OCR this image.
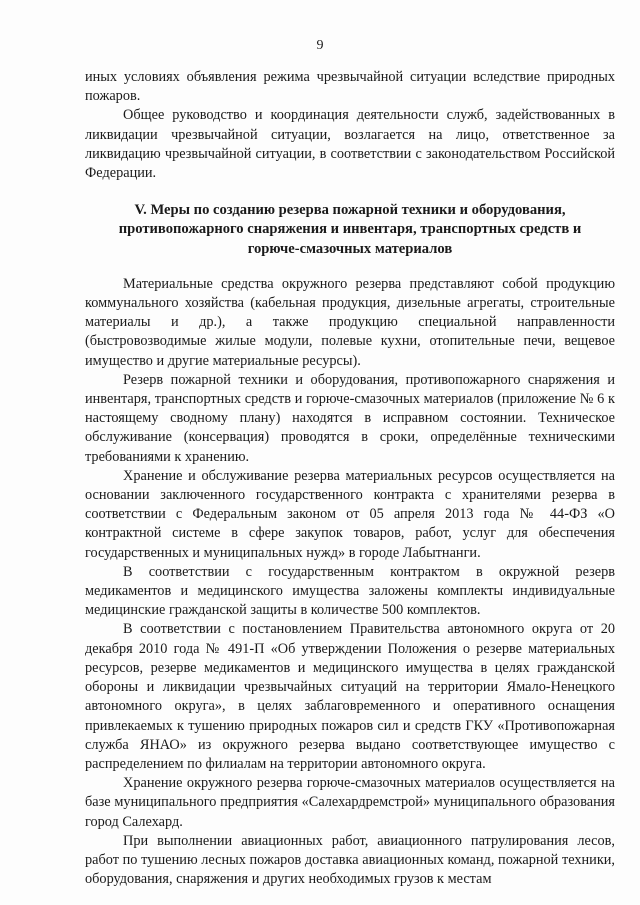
9

иных условиях объявления режима чрезвычайной ситуации вследствие природных пожаров.

Общее руководство и координация деятельности служб, задействованных в ликвидации чрезвычайной ситуации, возлагается на лицо, ответственное за ликвидацию чрезвычайной ситуации, в соответствии с законодательством Российской Федерации.

V. Меры по созданию резерва пожарной техники и оборудования, противопожарного снаряжения и инвентаря, транспортных средств и горюче-смазочных материалов

Материальные средства окружного резерва представляют собой продукцию коммунального хозяйства (кабельная продукция, дизельные агрегаты, строительные материалы и др.), а также продукцию специальной направленности (быстровозводимые жилые модули, полевые кухни, отопительные печи, вещевое имущество и другие материальные ресурсы).

Резерв пожарной техники и оборудования, противопожарного снаряжения и инвентаря, транспортных средств и горюче-смазочных материалов (приложение № 6 к настоящему сводному плану) находятся в исправном состоянии. Техническое обслуживание (консервация) проводятся в сроки, определённые техническими требованиями к хранению.

Хранение и обслуживание резерва материальных ресурсов осуществляется на основании заключенного государственного контракта с хранителями резерва в соответствии с Федеральным законом от 05 апреля 2013 года № 44-ФЗ «О контрактной системе в сфере закупок товаров, работ, услуг для обеспечения государственных и муниципальных нужд» в городе Лабытнанги.

В соответствии с государственным контрактом в окружной резерв медикаментов и медицинского имущества заложены комплекты индивидуальные медицинские гражданской защиты в количестве 500 комплектов.

В соответствии с постановлением Правительства автономного округа от 20 декабря 2010 года № 491-П «Об утверждении Положения о резерве материальных ресурсов, резерве медикаментов и медицинского имущества в целях гражданской обороны и ликвидации чрезвычайных ситуаций на территории Ямало-Ненецкого автономного округа», в целях заблаговременного и оперативного оснащения привлекаемых к тушению природных пожаров сил и средств ГКУ «Противопожарная служба ЯНАО» из окружного резерва выдано соответствующее имущество с распределением по филиалам на территории автономного округа.

Хранение окружного резерва горюче-смазочных материалов осуществляется на базе муниципального предприятия «Салехардремстрой» муниципального образования город Салехард.

При выполнении авиационных работ, авиационного патрулирования лесов, работ по тушению лесных пожаров доставка авиационных команд, пожарной техники, оборудования, снаряжения и других необходимых грузов к местам
